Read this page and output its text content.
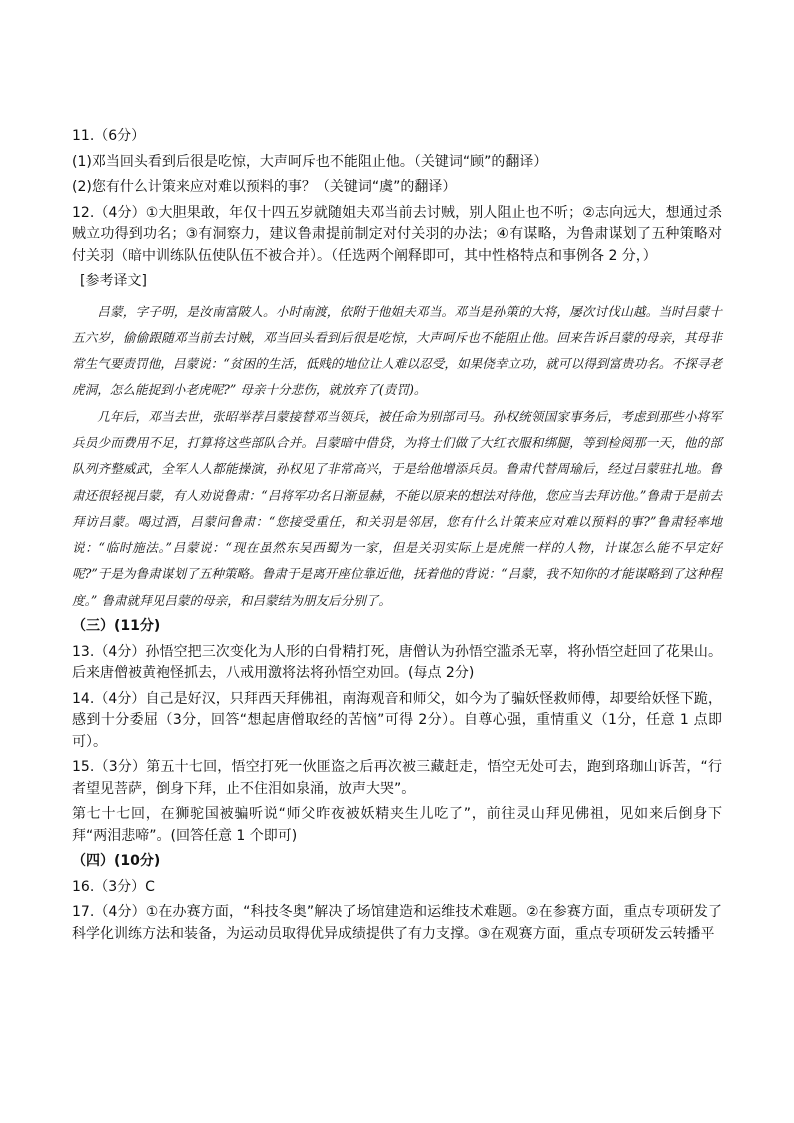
11.（6分）

(1)邓当回头看到后很是吃惊，大声呵斥也不能阻止他。（关键词“顾”的翻译）

(2)您有什么计策来应对难以预料的事？（关键词“虞”的翻译）

12.（4分）①大胆果敢，年仅十四五岁就随姐夫邓当前去讨贼，别人阻止也不听；②志向远大，想通过杀贼立功得到功名；③有洞察力，建议鲁肃提前制定对付关羽的办法；④有谋略，为鲁肃谋划了五种策略对付关羽（暗中训练队伍使队伍不被合并）。（任选两个阐释即可，其中性格特点和事例各 2 分，）

[参考译文]

吕蒙，字子明，是汝南富陂人。小时南渡，依附于他姐夫邓当。邓当是孙策的大将，屡次讨伐山越。当时吕蒙十五六岁，偷偷跟随邓当前去讨贼，邓当回头看到后很是吃惊，大声呵斥也不能阻止他。回来告诉吕蒙的母亲，其母非常生气要责罚他，吕蒙说：“贫困的生活，低贱的地位让人难以忍受，如果侥幸立功，就可以得到富贵功名。不探寻老虎洞，怎么能捉到小老虎呢?” 母亲十分悲伤，就放弃了(责罚)。

几年后，邓当去世，张昭举荐吕蒙接替邓当领兵，被任命为别部司马。孙权统领国家事务后，考虑到那些小将军兵员少而费用不足，打算将这些部队合并。吕蒙暗中借贷，为将士们做了大红衣服和绑腿，等到检阅那一天，他的部队列齐整威武，全军人人都能操演，孙权见了非常高兴，于是给他增添兵员。鲁肃代替周瑜后，经过吕蒙驻扎地。鲁肃还很轻视吕蒙，有人劝说鲁肃：“吕将军功名日渐显赫，不能以原来的想法对待他，您应当去拜访他。”鲁肃于是前去拜访吕蒙。喝过酒，吕蒙问鲁肃：“您接受重任，和关羽是邻居，您有什么计策来应对难以预料的事?”鲁肃轻率地　说：“临时施法。”吕蒙说：“现在虽然东吴西蜀为一家，但是关羽实际上是虎熊一样的人物，计谋怎么能不早定好呢?”于是为鲁肃谋划了五种策略。鲁肃于是离开座位靠近他，抚着他的背说：“吕蒙，我不知你的才能谋略到了这种程度。” 鲁肃就拜见吕蒙的母亲，和吕蒙结为朋友后分别了。

（三）(11分)

13.（4分）孙悟空把三次变化为人形的白骨精打死，唐僧认为孙悟空滥杀无辜，将孙悟空赶回了花果山。后来唐僧被黄袍怪抓去，八戒用激将法将孙悟空劝回。(每点 2分)

14.（4分）自己是好汉，只拜西天拜佛祖，南海观音和师父，如今为了骗妖怪救师傅，却要给妖怪下跪，感到十分委屈（3分，回答“想起唐僧取经的苦恼”可得 2分）。自尊心强，重情重义（1分，任意 1 点即可）。

15.（3分）第五十七回，悟空打死一伙匪盗之后再次被三藏赶走，悟空无处可去，跑到珞珈山诉苦，“行者望见菩萨，倒身下拜，止不住泪如泉涌，放声大哭”。

第七十七回，在狮驼国被骗听说“师父昨夜被妖精夹生儿吃了”，前往灵山拜见佛祖，见如来后倒身下拜“两泪悲啼”。(回答任意 1 个即可)

（四）(10分)

16.（3分）C

17.（4分）①在办赛方面，“科技冬奥”解决了场馆建造和运维技术难题。②在参赛方面，重点专项研发了科学化训练方法和装备，为运动员取得优异成绩提供了有力支撑。③在观赛方面，重点专项研发云转播平
